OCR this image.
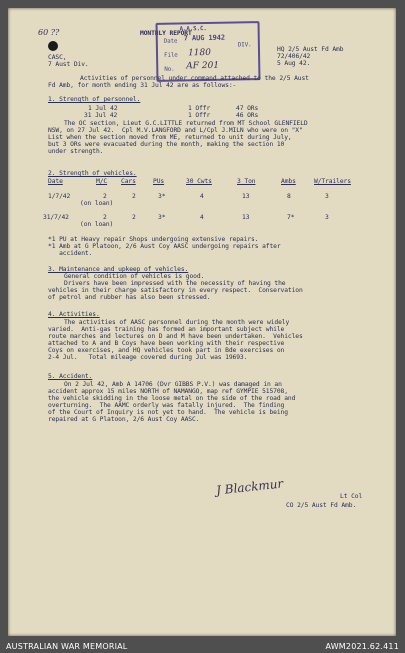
60 ??	MONTHLY REPORT
A.A.S.C.
Date 7 AUG 1942
DIV.
File 1180
No. AF 201
CASC,
7 Aust Div.
HQ 2/5 Aust Fd Amb
72/406/42
5 Aug 42.
Activities of personnel under command attached to the 2/5 Aust
Fd Amb, for month ending 31 Jul 42 are as follows:-
1. Strength of personnel.
1 Jul 42	1 Offr	47 ORs
31 Jul 42	1 Offr	46 ORs
The OC section, Lieut G.C.LITTLE returned from MT School GLENFIELD
NSW, on 27 Jul 42.  Cpl M.V.LANGFORD and L/Cpl J.MILN who were on "X"
List when the section moved from ME, returned to unit during July,
but 3 ORs were evacuated during the month, making the section 10
under strength.
2. Strength of vehicles.
Date	M/C Cars	PUs	30 Cwts	3 Ton	Ambs	W/Trailers
1/7/42	2	2	3*	4	13	8	3
(on loan)
31/7/42	2	2	3*	4	13	7*	3
(on loan)
*1 PU at Heavy repair Shops undergoing extensive repairs.
*1 Amb at G Platoon, 2/6 Aust Coy AASC undergoing repairs after
accident.
3. Maintenance and upkeep of vehicles.
General condition of vehicles is good.
Drivers have been impressed with the necessity of having the
vehicles in their charge satisfactory in every respect.  Conservation
of petrol and rubber has also been stressed.
4. Activities.
The activities of AASC personnel during the month were widely
varied.  Anti-gas training has formed an important subject while
route marches and lectures on D and M have been undertaken.  Vehicles
attached to A and B Coys have been working with their respective
Coys on exercises, and HQ vehicles took part in Bde exercises on
2-4 Jul.   Total mileage covered during Jul was 19693.
5. Accident.
On 2 Jul 42, Amb A 14706 (Dvr GIBBS P.V.) was damaged in an
accident approx 15 miles NORTH of NAMANGO, map ref GYMPIE 515708,
the vehicle skidding in the loose metal on the side of the road and
overturning.  The AAMC orderly was fatally injured.  The finding
of the Court of Inquiry is not yet to hand.  The vehicle is being
repaired at G Platoon, 2/6 Aust Coy AASC.
J Blackmur	Lt Col
CO 2/5 Aust Fd Amb.
AUSTRALIAN WAR MEMORIAL	AWM2021.62.411
